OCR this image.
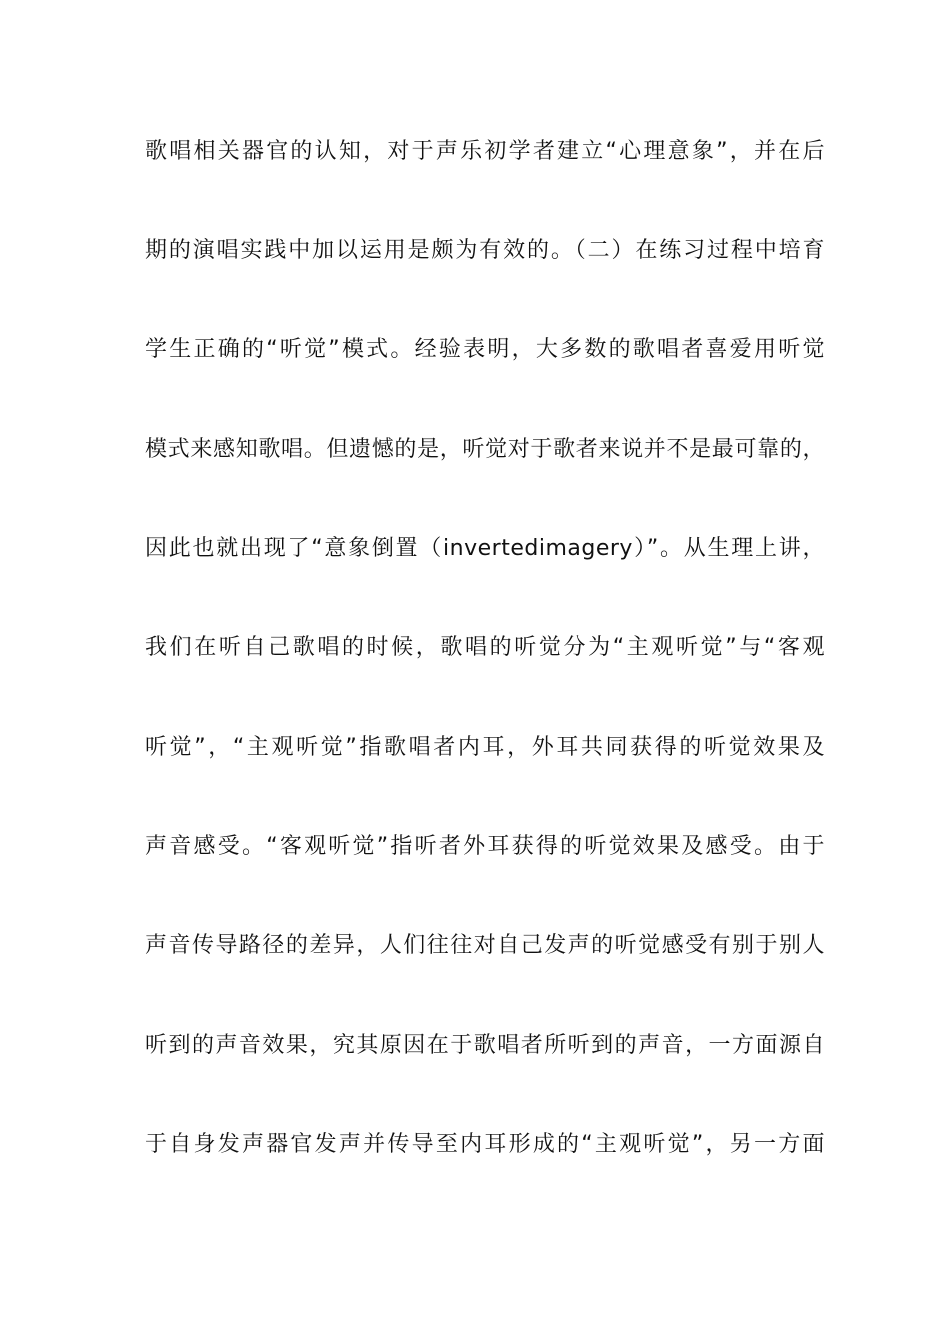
歌唱相关器官的认知，对于声乐初学者建立“心理意象”，并在后
期的演唱实践中加以运用是颇为有效的。（二）在练习过程中培育
学生正确的“听觉”模式。经验表明，大多数的歌唱者喜爱用听觉
模式来感知歌唱。但遗憾的是，听觉对于歌者来说并不是最可靠的，
因此也就出现了“意象倒置（invertedimagery）”。从生理上讲，
我们在听自己歌唱的时候，歌唱的听觉分为“主观听觉”与“客观
听觉”，“主观听觉”指歌唱者内耳，外耳共同获得的听觉效果及
声音感受。“客观听觉”指听者外耳获得的听觉效果及感受。由于
声音传导路径的差异，人们往往对自己发声的听觉感受有别于别人
听到的声音效果，究其原因在于歌唱者所听到的声音，一方面源自
于自身发声器官发声并传导至内耳形成的“主观听觉”，另一方面
